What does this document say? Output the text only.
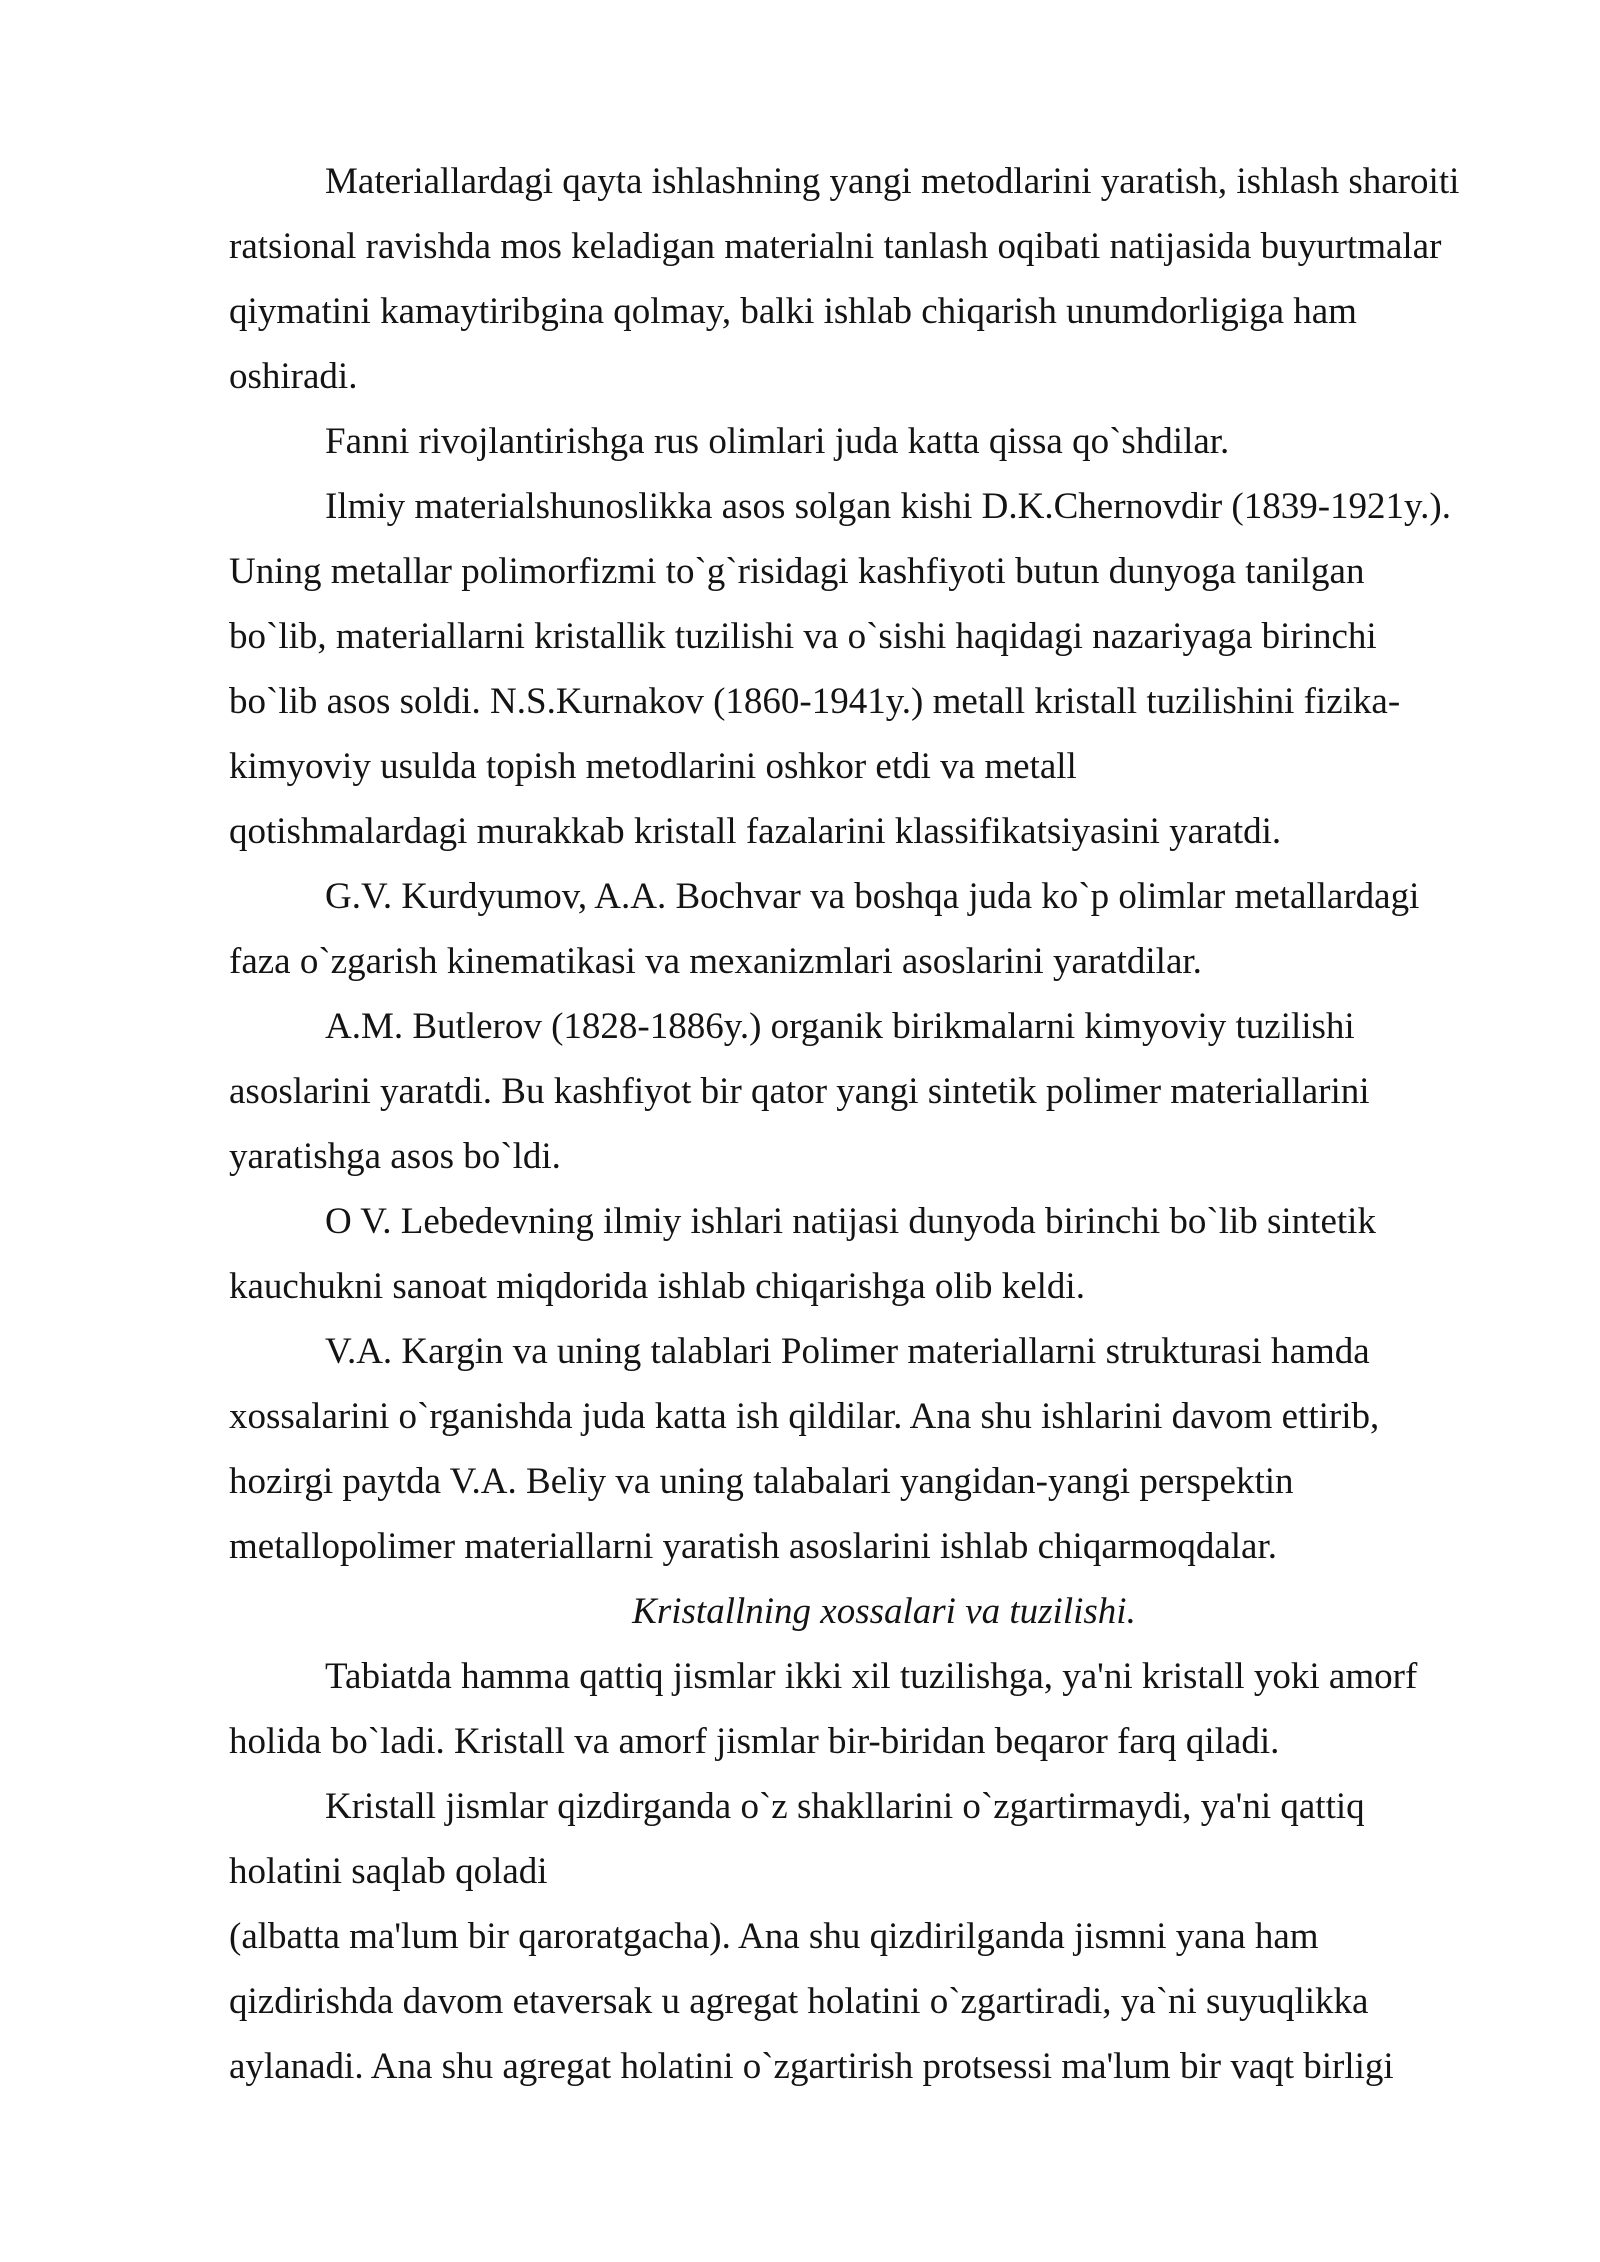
Materiallardagi qayta ishlashning yangi metodlarini yaratish, ishlash sharoiti
ratsional ravishda mos keladigan materialni tanlash oqibati natijasida buyurtmalar
qiymatini kamaytiribgina qolmay, balki ishlab chiqarish unumdorligiga ham
oshiradi.
Fanni rivojlantirishga rus olimlari juda katta qissa qo`shdilar.
Ilmiy materialshunoslikka asos solgan kishi D.K.Chernovdir (1839-1921y.).
Uning metallar polimorfizmi to`g`risidagi kashfiyoti butun dunyoga tanilgan
bo`lib, materiallarni kristallik tuzilishi va o`sishi haqidagi nazariyaga birinchi
bo`lib asos soldi. N.S.Kurnakov (1860-1941y.) metall kristall tuzilishini fizika-
kimyoviy usulda topish metodlarini oshkor etdi va metall
qotishmalardagi murakkab kristall fazalarini klassifikatsiyasini yaratdi.
G.V. Kurdyumov, A.A. Bochvar va boshqa juda ko`p olimlar metallardagi
faza o`zgarish kinematikasi va mexanizmlari asoslarini yaratdilar.
A.M. Butlerov (1828-1886y.) organik birikmalarni kimyoviy tuzilishi
asoslarini yaratdi. Bu kashfiyot bir qator yangi sintetik polimer materiallarini
yaratishga asos bo`ldi.
O V. Lebedevning ilmiy ishlari natijasi dunyoda birinchi bo`lib sintetik
kauchukni sanoat miqdorida ishlab chiqarishga olib keldi.
V.A. Kargin va uning talablari Polimer materiallarni strukturasi hamda
xossalarini o`rganishda juda katta ish qildilar. Ana shu ishlarini davom ettirib,
hozirgi paytda V.A. Beliy va uning talabalari yangidan-yangi perspektin
metallopolimer materiallarni yaratish asoslarini ishlab chiqarmoqdalar.
Kristallning xossalari va tuzilishi.
Tabiatda hamma qattiq jismlar ikki xil tuzilishga, ya'ni kristall yoki amorf
holida bo`ladi. Kristall va amorf jismlar bir-biridan beqaror farq qiladi.
Kristall jismlar qizdirganda o`z shakllarini o`zgartirmaydi, ya'ni qattiq
holatini saqlab qoladi
(albatta ma'lum bir qaroratgacha). Ana shu qizdirilganda jismni yana ham
qizdirishda davom etaversak u agregat holatini o`zgartiradi, ya`ni suyuqlikka
aylanadi. Ana shu agregat holatini o`zgartirish protsessi ma'lum bir vaqt birligi
